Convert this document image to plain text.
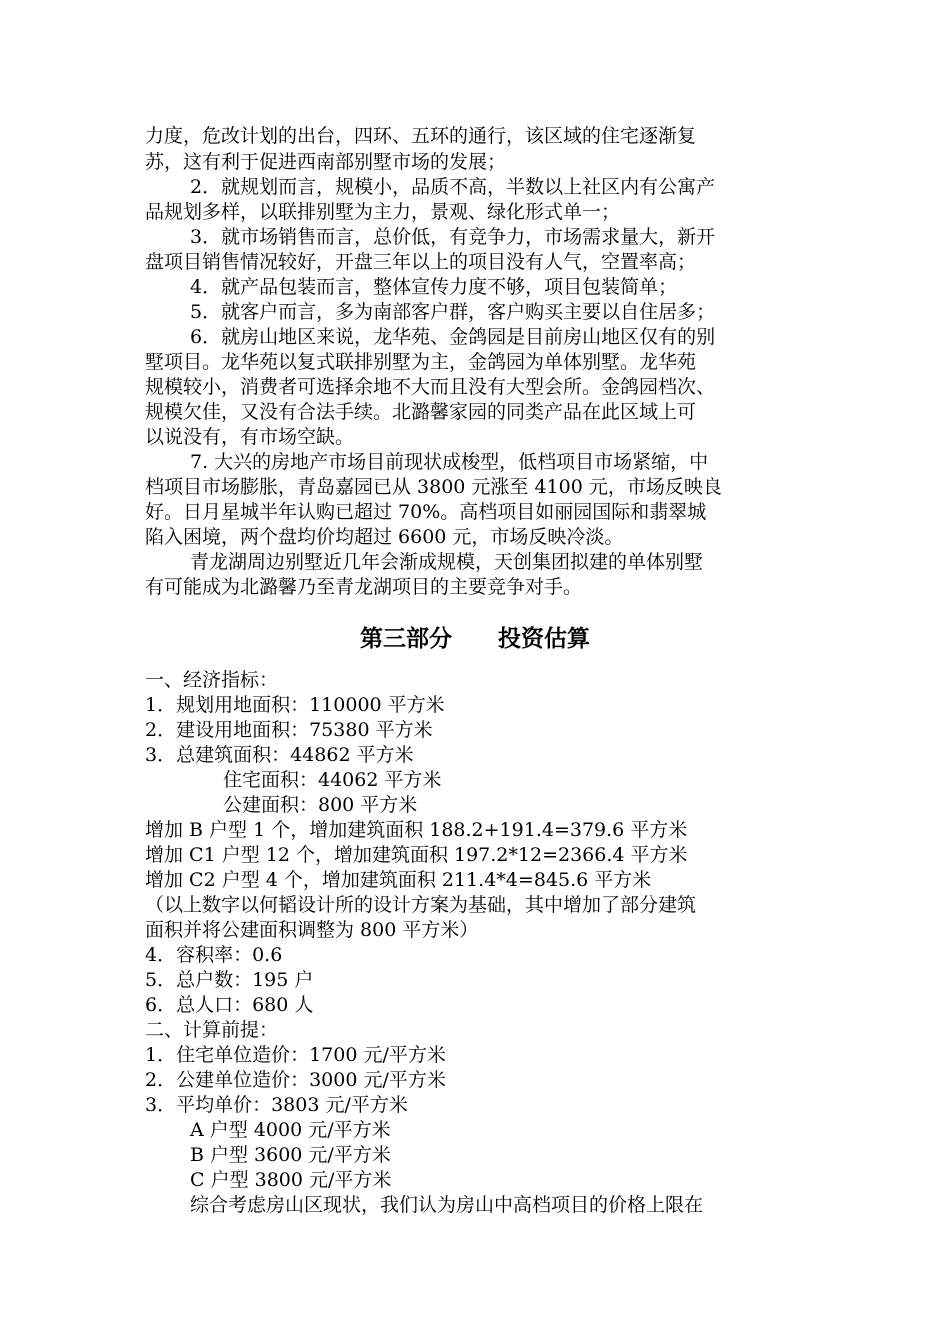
力度，危改计划的出台，四环、五环的通行，该区域的住宅逐渐复
苏，这有利于促进西南部别墅市场的发展；
2．就规划而言，规模小，品质不高，半数以上社区内有公寓产
品规划多样，以联排别墅为主力，景观、绿化形式单一；
3．就市场销售而言，总价低，有竞争力，市场需求量大，新开
盘项目销售情况较好，开盘三年以上的项目没有人气，空置率高；
4．就产品包装而言，整体宣传力度不够，项目包装简单；
5．就客户而言，多为南部客户群，客户购买主要以自住居多；
6．就房山地区来说，龙华苑、金鸽园是目前房山地区仅有的别
墅项目。龙华苑以复式联排别墅为主，金鸽园为单体别墅。龙华苑
规模较小，消费者可选择余地不大而且没有大型会所。金鸽园档次、
规模欠佳，又没有合法手续。北潞馨家园的同类产品在此区域上可
以说没有，有市场空缺。
7. 大兴的房地产市场目前现状成梭型，低档项目市场紧缩，中
档项目市场膨胀，青岛嘉园已从 3800 元涨至 4100 元，市场反映良
好。日月星城半年认购已超过 70%。高档项目如丽园国际和翡翠城
陷入困境，两个盘均价均超过 6600 元，市场反映冷淡。
青龙湖周边别墅近几年会渐成规模，天创集团拟建的单体别墅
有可能成为北潞馨乃至青龙湖项目的主要竞争对手。
第三部分　　投资估算
一、经济指标：
1．规划用地面积：110000 平方米
2．建设用地面积：75380 平方米
3．总建筑面积：44862 平方米
住宅面积：44062 平方米
公建面积：800 平方米
增加 B 户型 1 个，增加建筑面积 188.2+191.4=379.6 平方米
增加 C1 户型 12 个，增加建筑面积 197.2*12=2366.4 平方米
增加 C2 户型 4 个，增加建筑面积 211.4*4=845.6 平方米
（以上数字以何韬设计所的设计方案为基础，其中增加了部分建筑
面积并将公建面积调整为 800 平方米）
4．容积率：0.6
5．总户数：195 户
6．总人口：680 人
二、计算前提：
1．住宅单位造价：1700 元/平方米
2．公建单位造价：3000 元/平方米
3．平均单价：3803 元/平方米
A 户型 4000 元/平方米
B 户型 3600 元/平方米
C 户型 3800 元/平方米
综合考虑房山区现状，我们认为房山中高档项目的价格上限在
